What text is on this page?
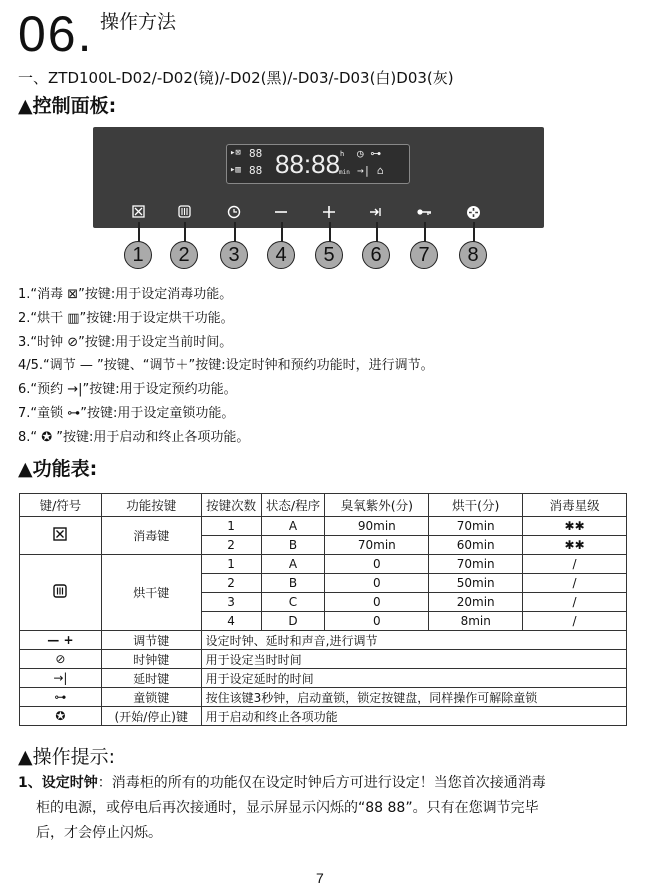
06. 操作方法
一、ZTD100L-D02/-D02(镜)/-D02(黑)/-D03/-D03(白)D03(灰)
▲控制面板:
▸⊠ 88
▸▥ 88 88:88 h
min
◷ ⊶
→| ⌂
1	2	3	4	5	6	7	8
1.“消毒 ⊠”按键:用于设定消毒功能。
2.“烘干 ▥”按键:用于设定烘干功能。
3.“时钟 ⊘”按键:用于设定当前时间。
4/5.“调节 — ”按键、“调节＋”按键:设定时钟和预约功能时，进行调节。
6.“预约 →|”按键:用于设定预约功能。
7.“童锁 ⊶”按键:用于设定童锁功能。
8.“ ✪ ”按键:用于启动和终止各项功能。
▲功能表:
键/符号	功能按键	按键次数	状态/程序	臭氧紫外(分)	烘干(分)	消毒星级
	消毒键	1	A	90min	70min	✱✱
		2	B	70min	60min	✱✱
	烘干键	1	A	0	70min	/
		2	B	0	50min	/
		3	C	0	20min	/
		4	D	0	8min	/
— +	调节键	设定时钟、延时和声音,进行调节				
⊘	时钟键	用于设定当时时间				
→|	延时键	用于设定延时的时间				
⊶	童锁键	按住该键3秒钟，启动童锁，锁定按键盘，同样操作可解除童锁				
✪	(开始/停止)键	用于启动和终止各项功能				
▲操作提示:
1、设定时钟：消毒柜的所有的功能仅在设定时钟后方可进行设定！当您首次接通消毒
柜的电源，或停电后再次接通时，显示屏显示闪烁的“88 88”。只有在您调节完毕
后，才会停止闪烁。
7
